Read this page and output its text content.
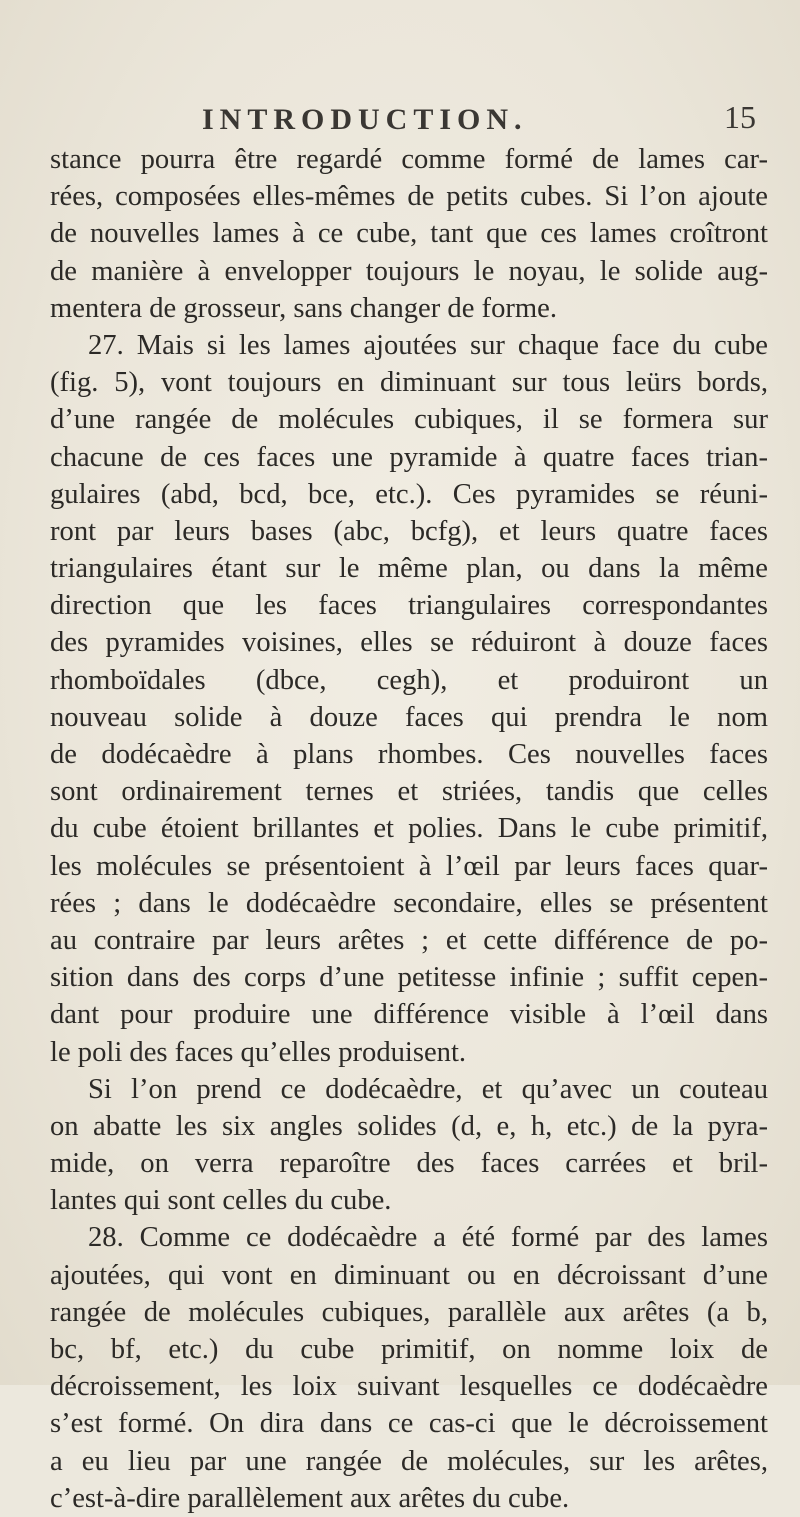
INTRODUCTION.	15
stance pourra être regardé comme formé de lames car-
rées, composées elles-mêmes de petits cubes. Si l’on ajoute
de nouvelles lames à ce cube, tant que ces lames croîtront
de manière à envelopper toujours le noyau, le solide aug-
mentera de grosseur, sans changer de forme.
27. Mais si les lames ajoutées sur chaque face du cube
(fig. 5), vont toujours en diminuant sur tous leürs bords,
d’une rangée de molécules cubiques, il se formera sur
chacune de ces faces une pyramide à quatre faces trian-
gulaires (abd, bcd, bce, etc.). Ces pyramides se réuni-
ront par leurs bases (abc, bcfg), et leurs quatre faces
triangulaires étant sur le même plan, ou dans la même
direction que les faces triangulaires correspondantes
des pyramides voisines, elles se réduiront à douze faces
rhomboïdales (dbce, cegh), et produiront un
nouveau solide à douze faces qui prendra le nom
de dodécaèdre à plans rhombes. Ces nouvelles faces
sont ordinairement ternes et striées, tandis que celles
du cube étoient brillantes et polies. Dans le cube primitif,
les molécules se présentoient à l’œil par leurs faces quar-
rées ; dans le dodécaèdre secondaire, elles se présentent
au contraire par leurs arêtes ; et cette différence de po-
sition dans des corps d’une petitesse infinie ; suffit cepen-
dant pour produire une différence visible à l’œil dans
le poli des faces qu’elles produisent.
Si l’on prend ce dodécaèdre, et qu’avec un couteau
on abatte les six angles solides (d, e, h, etc.) de la pyra-
mide, on verra reparoître des faces carrées et bril-
lantes qui sont celles du cube.
28. Comme ce dodécaèdre a été formé par des lames
ajoutées, qui vont en diminuant ou en décroissant d’une
rangée de molécules cubiques, parallèle aux arêtes (a b,
bc, bf, etc.) du cube primitif, on nomme loix de
décroissement, les loix suivant lesquelles ce dodécaèdre
s’est formé. On dira dans ce cas-ci que le décroissement
a eu lieu par une rangée de molécules, sur les arêtes,
c’est-à-dire parallèlement aux arêtes du cube.
